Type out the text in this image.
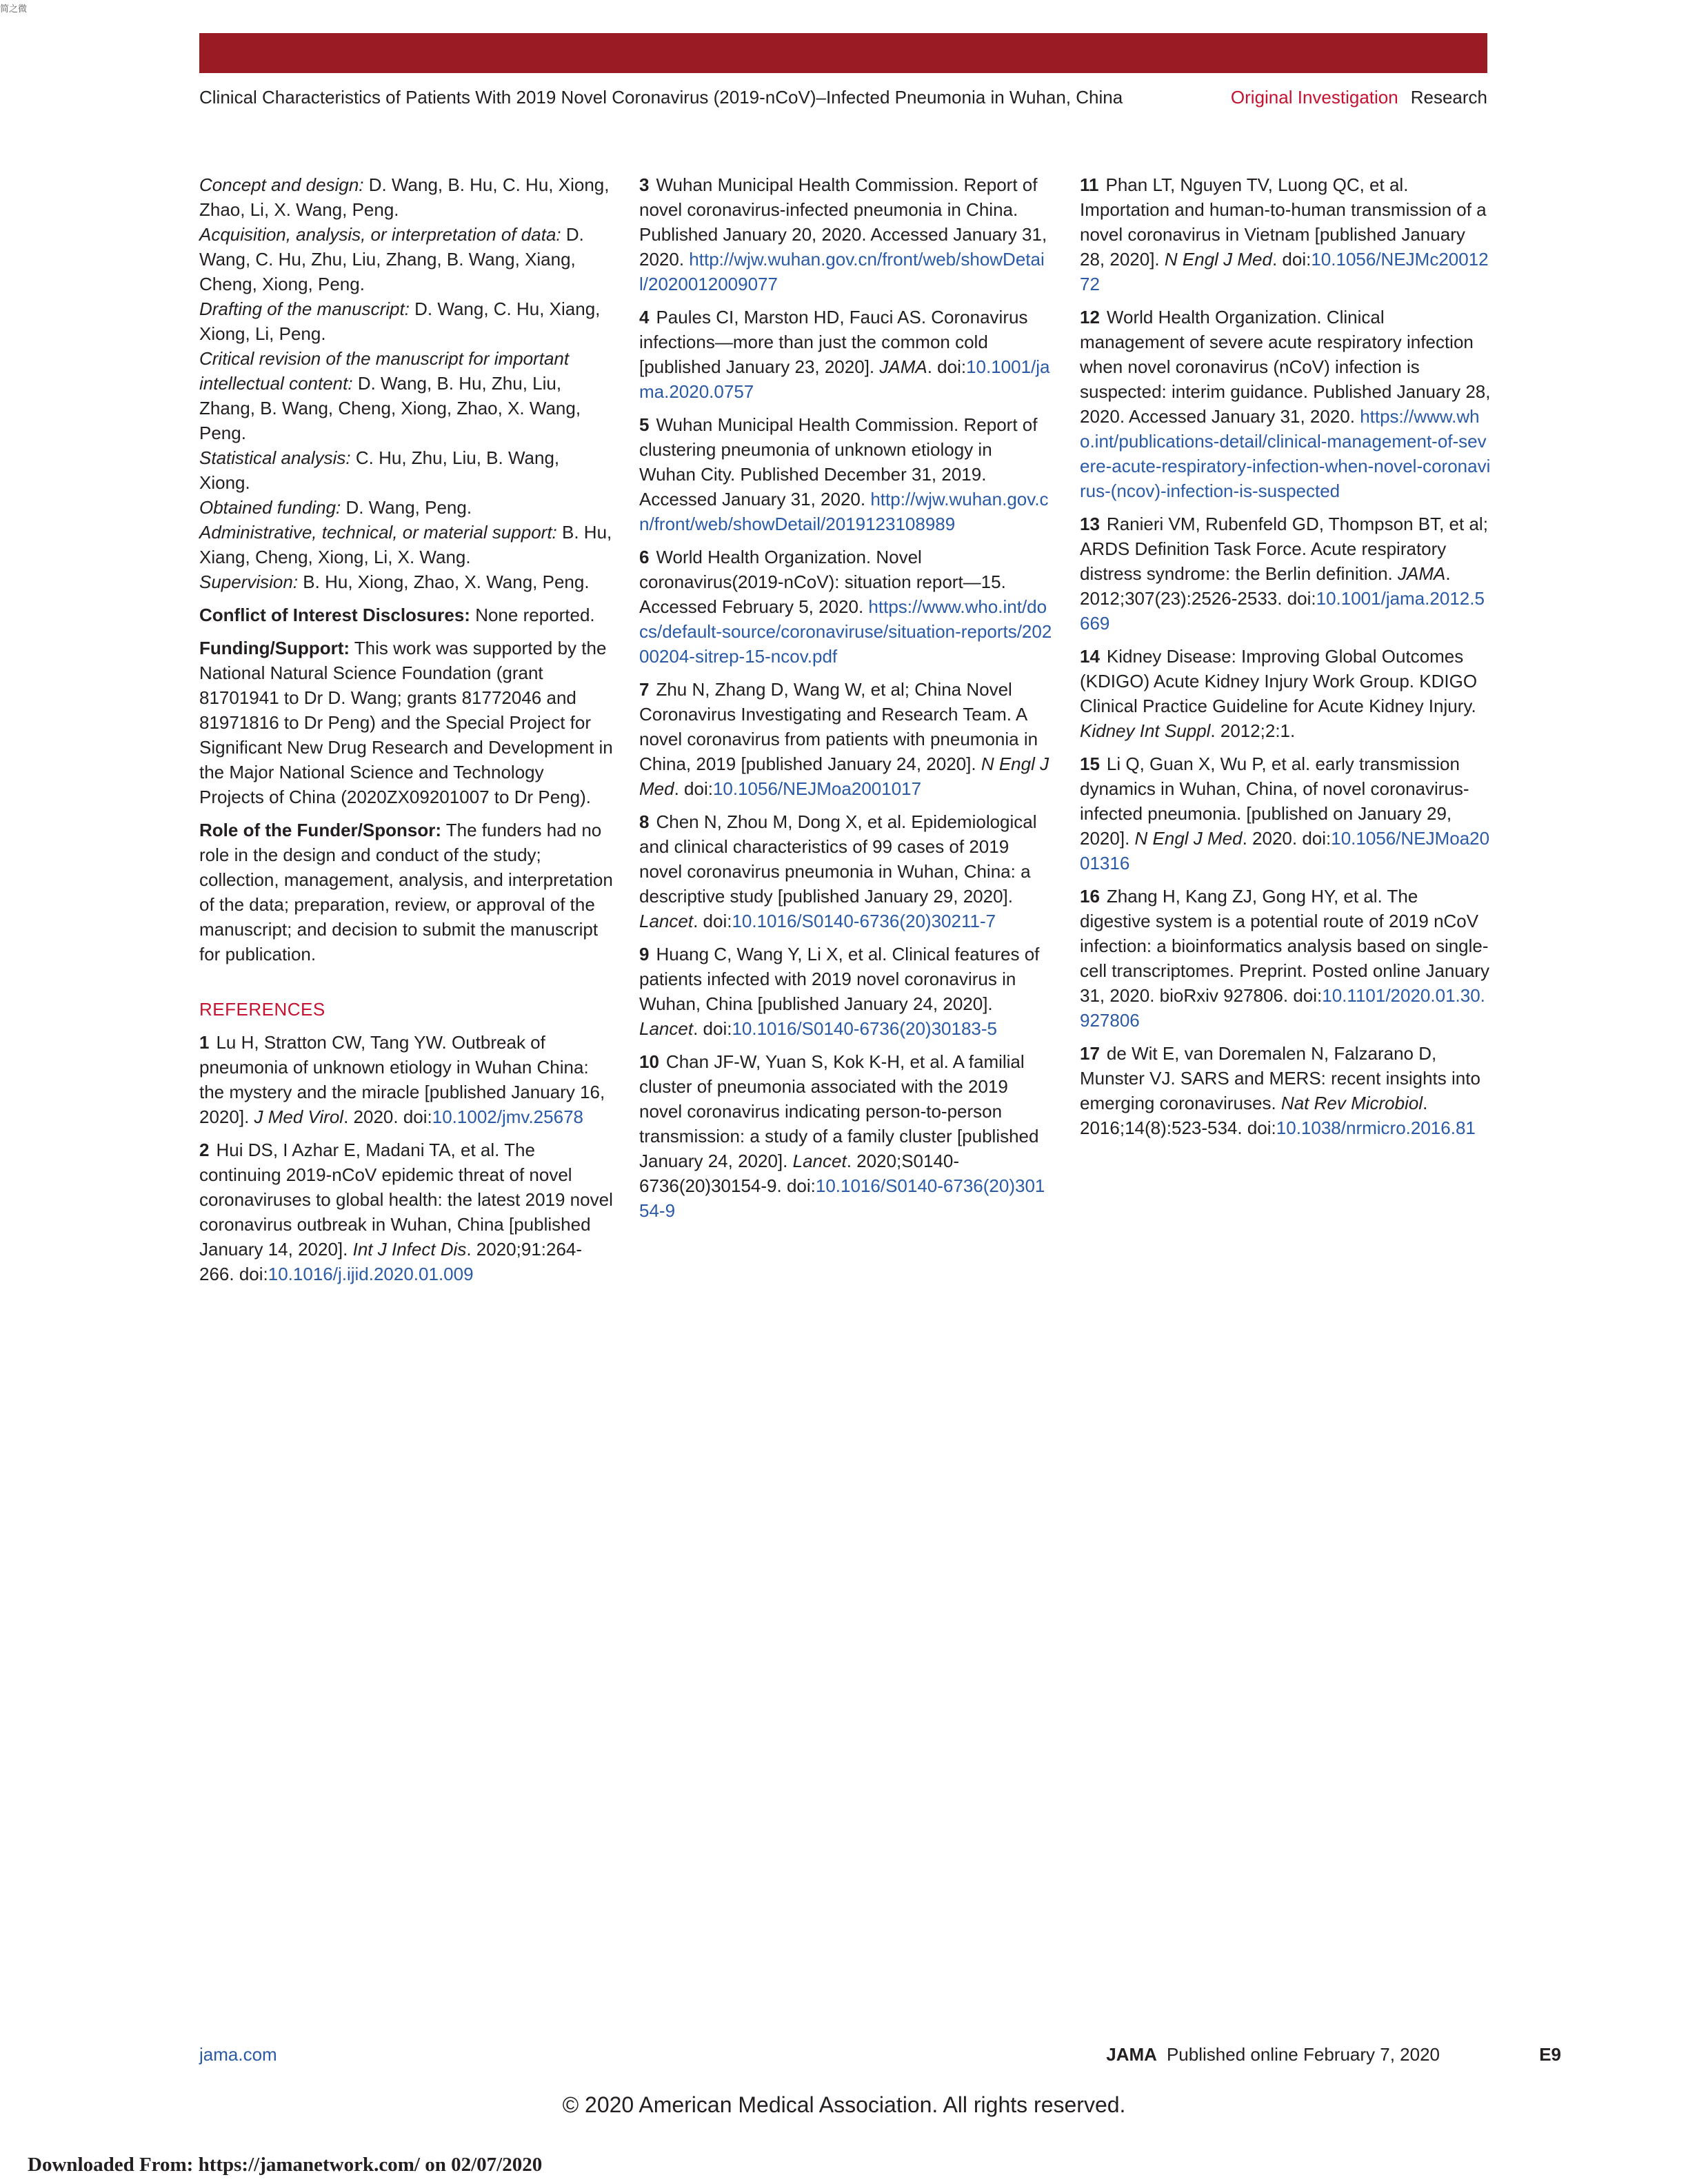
简之微
Clinical Characteristics of Patients With 2019 Novel Coronavirus (2019-nCoV)–Infected Pneumonia in Wuhan, China	Original Investigation Research
Concept and design: D. Wang, B. Hu, C. Hu, Xiong, Zhao, Li, X. Wang, Peng.
Acquisition, analysis, or interpretation of data: D. Wang, C. Hu, Zhu, Liu, Zhang, B. Wang, Xiang, Cheng, Xiong, Peng.
Drafting of the manuscript: D. Wang, C. Hu, Xiang, Xiong, Li, Peng.
Critical revision of the manuscript for important intellectual content: D. Wang, B. Hu, Zhu, Liu, Zhang, B. Wang, Cheng, Xiong, Zhao, X. Wang, Peng.
Statistical analysis: C. Hu, Zhu, Liu, B. Wang, Xiong.
Obtained funding: D. Wang, Peng.
Administrative, technical, or material support: B. Hu, Xiang, Cheng, Xiong, Li, X. Wang.
Supervision: B. Hu, Xiong, Zhao, X. Wang, Peng.

Conflict of Interest Disclosures: None reported.

Funding/Support: This work was supported by the National Natural Science Foundation (grant 81701941 to Dr D. Wang; grants 81772046 and 81971816 to Dr Peng) and the Special Project for Significant New Drug Research and Development in the Major National Science and Technology Projects of China (2020ZX09201007 to Dr Peng).

Role of the Funder/Sponsor: The funders had no role in the design and conduct of the study; collection, management, analysis, and interpretation of the data; preparation, review, or approval of the manuscript; and decision to submit the manuscript for publication.

REFERENCES

1 Lu H, Stratton CW, Tang YW. Outbreak of pneumonia of unknown etiology in Wuhan China: the mystery and the miracle [published January 16, 2020]. J Med Virol. 2020. doi:10.1002/jmv.25678

2 Hui DS, I Azhar E, Madani TA, et al. The continuing 2019-nCoV epidemic threat of novel coronaviruses to global health: the latest 2019 novel coronavirus outbreak in Wuhan, China [published January 14, 2020]. Int J Infect Dis. 2020;91:264-266. doi:10.1016/j.ijid.2020.01.009

3 Wuhan Municipal Health Commission. Report of novel coronavirus-infected pneumonia in China. Published January 20, 2020. Accessed January 31, 2020. http://wjw.wuhan.gov.cn/front/web/showDetail/2020012009077

4 Paules CI, Marston HD, Fauci AS. Coronavirus infections—more than just the common cold [published January 23, 2020]. JAMA. doi:10.1001/jama.2020.0757

5 Wuhan Municipal Health Commission. Report of clustering pneumonia of unknown etiology in Wuhan City. Published December 31, 2019. Accessed January 31, 2020. http://wjw.wuhan.gov.cn/front/web/showDetail/2019123108989

6 World Health Organization. Novel coronavirus(2019-nCoV): situation report—15. Accessed February 5, 2020. https://www.who.int/docs/default-source/coronaviruse/situation-reports/20200204-sitrep-15-ncov.pdf

7 Zhu N, Zhang D, Wang W, et al; China Novel Coronavirus Investigating and Research Team. A novel coronavirus from patients with pneumonia in China, 2019 [published January 24, 2020]. N Engl J Med. doi:10.1056/NEJMoa2001017

8 Chen N, Zhou M, Dong X, et al. Epidemiological and clinical characteristics of 99 cases of 2019 novel coronavirus pneumonia in Wuhan, China: a descriptive study [published January 29, 2020]. Lancet. doi:10.1016/S0140-6736(20)30211-7

9 Huang C, Wang Y, Li X, et al. Clinical features of patients infected with 2019 novel coronavirus in Wuhan, China [published January 24, 2020]. Lancet. doi:10.1016/S0140-6736(20)30183-5

10 Chan JF-W, Yuan S, Kok K-H, et al. A familial cluster of pneumonia associated with the 2019 novel coronavirus indicating person-to-person transmission: a study of a family cluster [published January 24, 2020]. Lancet. 2020;S0140-6736(20)30154-9. doi:10.1016/S0140-6736(20)30154-9

11 Phan LT, Nguyen TV, Luong QC, et al. Importation and human-to-human transmission of a novel coronavirus in Vietnam [published January 28, 2020]. N Engl J Med. doi:10.1056/NEJMc2001272

12 World Health Organization. Clinical management of severe acute respiratory infection when novel coronavirus (nCoV) infection is suspected: interim guidance. Published January 28, 2020. Accessed January 31, 2020. https://www.who.int/publications-detail/clinical-management-of-severe-acute-respiratory-infection-when-novel-coronavirus-(ncov)-infection-is-suspected

13 Ranieri VM, Rubenfeld GD, Thompson BT, et al; ARDS Definition Task Force. Acute respiratory distress syndrome: the Berlin definition. JAMA. 2012;307(23):2526-2533. doi:10.1001/jama.2012.5669

14 Kidney Disease: Improving Global Outcomes (KDIGO) Acute Kidney Injury Work Group. KDIGO Clinical Practice Guideline for Acute Kidney Injury. Kidney Int Suppl. 2012;2:1.

15 Li Q, Guan X, Wu P, et al. early transmission dynamics in Wuhan, China, of novel coronavirus-infected pneumonia. [published on January 29, 2020]. N Engl J Med. 2020. doi:10.1056/NEJMoa2001316

16 Zhang H, Kang ZJ, Gong HY, et al. The digestive system is a potential route of 2019 nCoV infection: a bioinformatics analysis based on single-cell transcriptomes. Preprint. Posted online January 31, 2020. bioRxiv 927806. doi:10.1101/2020.01.30.927806

17 de Wit E, van Doremalen N, Falzarano D, Munster VJ. SARS and MERS: recent insights into emerging coronaviruses. Nat Rev Microbiol. 2016;14(8):523-534. doi:10.1038/nrmicro.2016.81

jama.com	JAMA Published online February 7, 2020	E9
© 2020 American Medical Association. All rights reserved.
Downloaded From: https://jamanetwork.com/ on 02/07/2020
